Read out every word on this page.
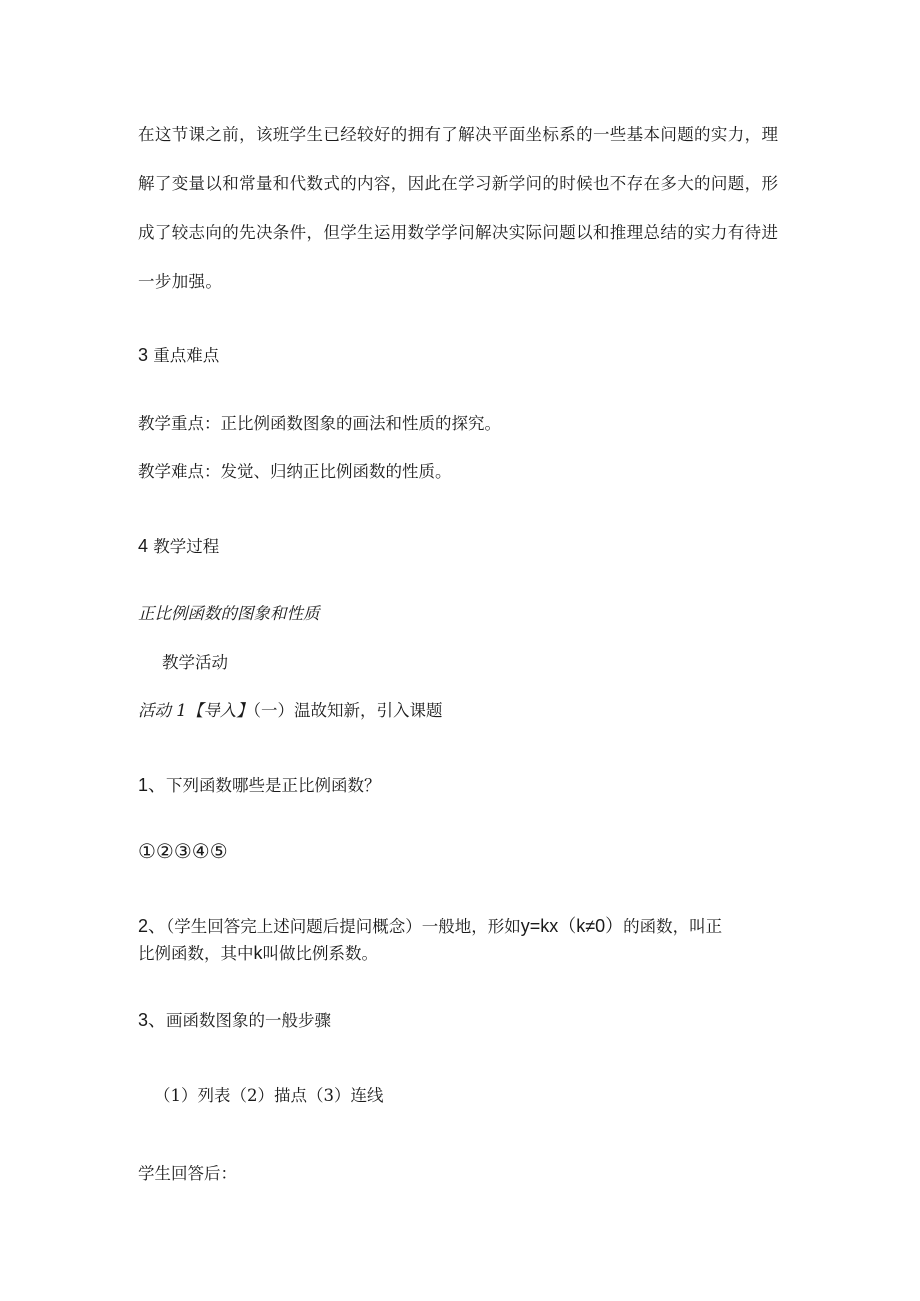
在这节课之前，该班学生已经较好的拥有了解决平面坐标系的一些基本问题的实力，理
解了变量以和常量和代数式的内容，因此在学习新学问的时候也不存在多大的问题，形
成了较志向的先决条件，但学生运用数学学问解决实际问题以和推理总结的实力有待进
一步加强。
3 重点难点
教学重点：正比例函数图象的画法和性质的探究。
教学难点：发觉、归纳正比例函数的性质。
4 教学过程
正比例函数的图象和性质
教学活动
活动 1【导入】（一）温故知新，引入课题
1、下列函数哪些是正比例函数？
①②③④⑤
2、（学生回答完上述问题后提问概念）一般地，形如y=kx（k≠0）的函数，叫正
比例函数，其中k叫做比例系数。
3、画函数图象的一般步骤
（1）列表（2）描点（3）连线
学生回答后：
